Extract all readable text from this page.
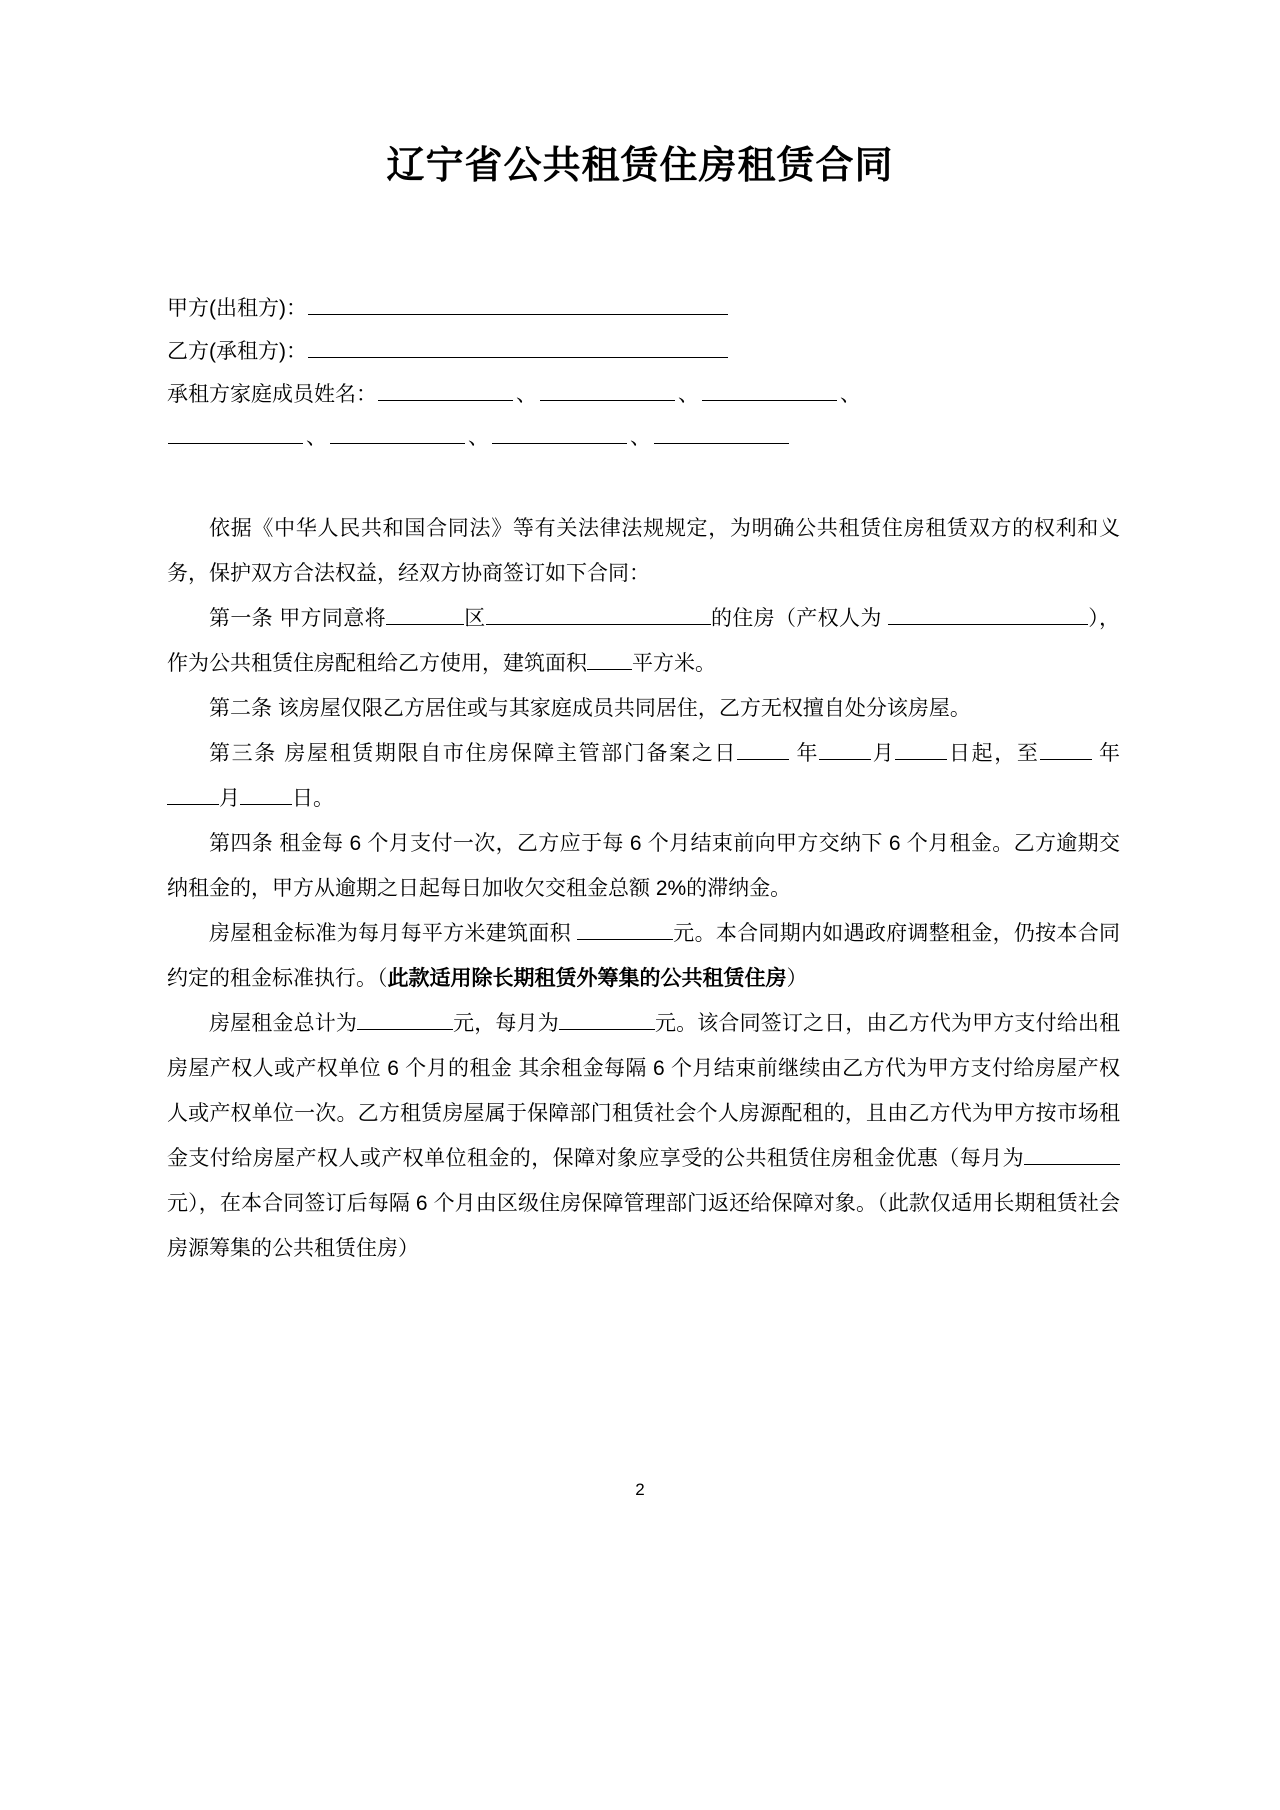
辽宁省公共租赁住房租赁合同
甲方(出租方)：
乙方(承租方)：
承租方家庭成员姓名：	、	、	、
、	、	、

依据《中华人民共和国合同法》等有关法律法规规定，为明确公共租赁住房租赁双方的权利和义务，保护双方合法权益，经双方协商签订如下合同：

第一条 甲方同意将	区	的住房（产权人为	），作为公共租赁住房配租给乙方使用，建筑面积 平方米。

第二条 该房屋仅限乙方居住或与其家庭成员共同居住，乙方无权擅自处分该房屋。

第三条 房屋租赁期限自市住房保障主管部门备案之日	年 月 日起，至	年 月 日。

第四条 租金每 6 个月支付一次，乙方应于每 6 个月结束前向甲方交纳下 6 个月租金。乙方逾期交纳租金的，甲方从逾期之日起每日加收欠交租金总额 2%的滞纳金。

房屋租金标准为每月每平方米建筑面积	元。本合同期内如遇政府调整租金，仍按本合同约定的租金标准执行。（此款适用除长期租赁外筹集的公共租赁住房）

房屋租金总计为	元，每月为	元。该合同签订之日，由乙方代为甲方支付给出租房屋产权人或产权单位 6 个月的租金 其余租金每隔 6 个月结束前继续由乙方代为甲方支付给房屋产权人或产权单位一次。乙方租赁房屋属于保障部门租赁社会个人房源配租的，且由乙方代为甲方按市场租金支付给房屋产权人或产权单位租金的，保障对象应享受的公共租赁住房租金优惠（每月为元），在本合同签订后每隔 6 个月由区级住房保障管理部门返还给保障对象。（此款仅适用长期租赁社会房源筹集的公共租赁住房）

2
